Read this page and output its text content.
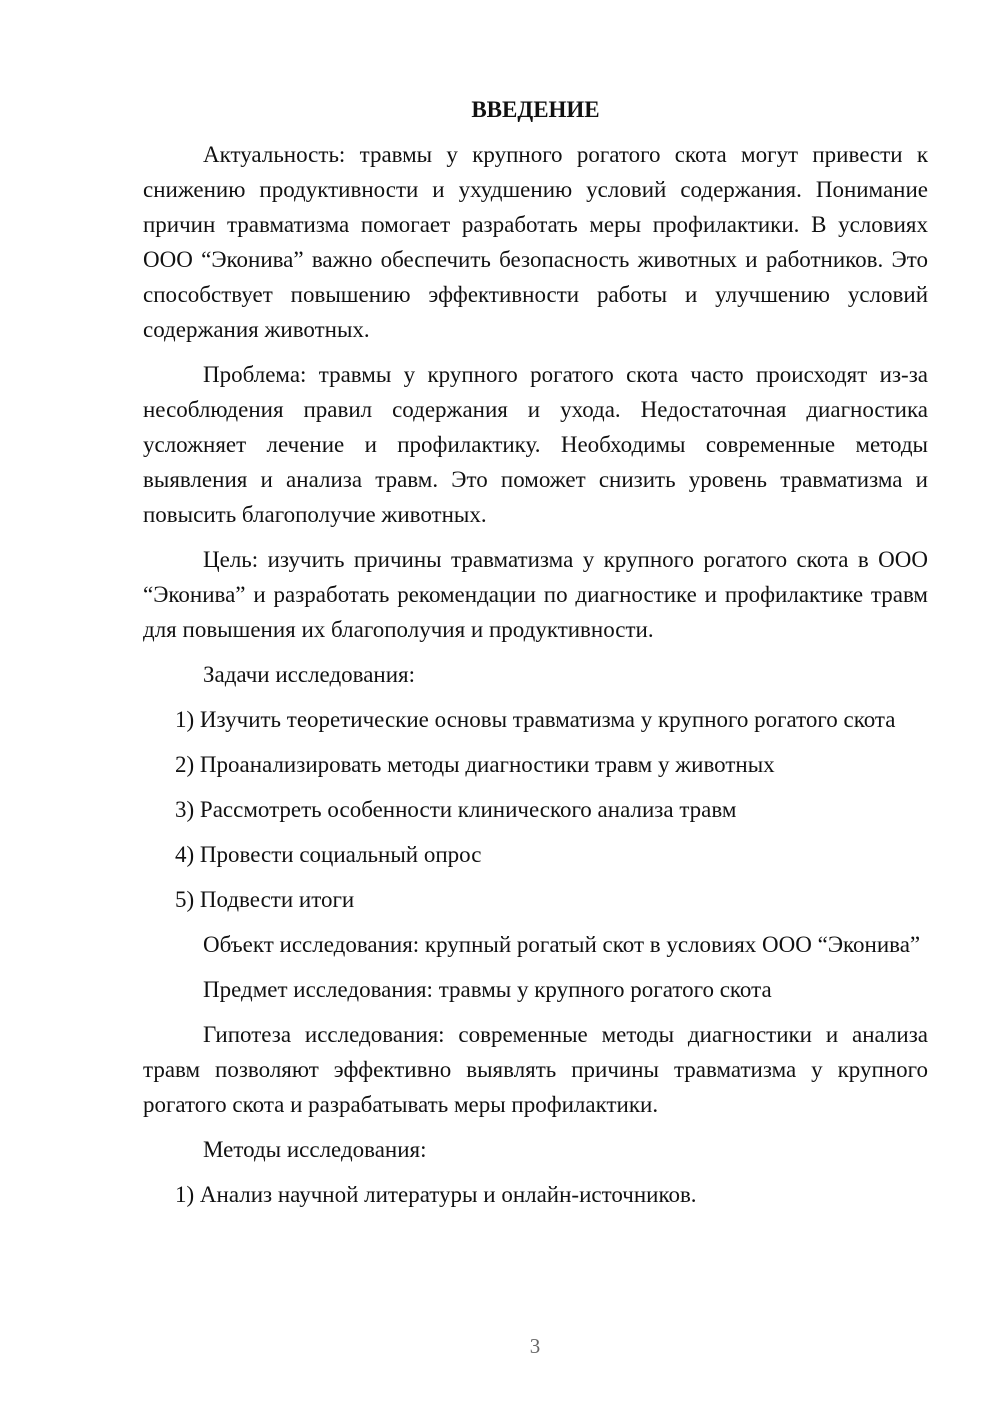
ВВЕДЕНИЕ

Актуальность: травмы у крупного рогатого скота могут привести к снижению продуктивности и ухудшению условий содержания. Понимание причин травматизма помогает разработать меры профилактики. В условиях ООО “Эконива” важно обеспечить безопасность животных и работников. Это способствует повышению эффективности работы и улучшению условий содержания животных.

Проблема: травмы у крупного рогатого скота часто происходят из-за несоблюдения правил содержания и ухода. Недостаточная диагностика усложняет лечение и профилактику. Необходимы современные методы выявления и анализа травм. Это поможет снизить уровень травматизма и повысить благополучие животных.

Цель: изучить причины травматизма у крупного рогатого скота в ООО “Эконива” и разработать рекомендации по диагностике и профилактике травм для повышения их благополучия и продуктивности.

Задачи исследования:

1) Изучить теоретические основы травматизма у крупного рогатого скота

2) Проанализировать методы диагностики травм у животных

3) Рассмотреть особенности клинического анализа травм

4) Провести социальный опрос

5) Подвести итоги

Объект исследования: крупный рогатый скот в условиях ООО “Эконива”

Предмет исследования: травмы у крупного рогатого скота

Гипотеза исследования: современные методы диагностики и анализа травм позволяют эффективно выявлять причины травматизма у крупного рогатого скота и разрабатывать меры профилактики.

Методы исследования:

1) Анализ научной литературы и онлайн-источников.

3
